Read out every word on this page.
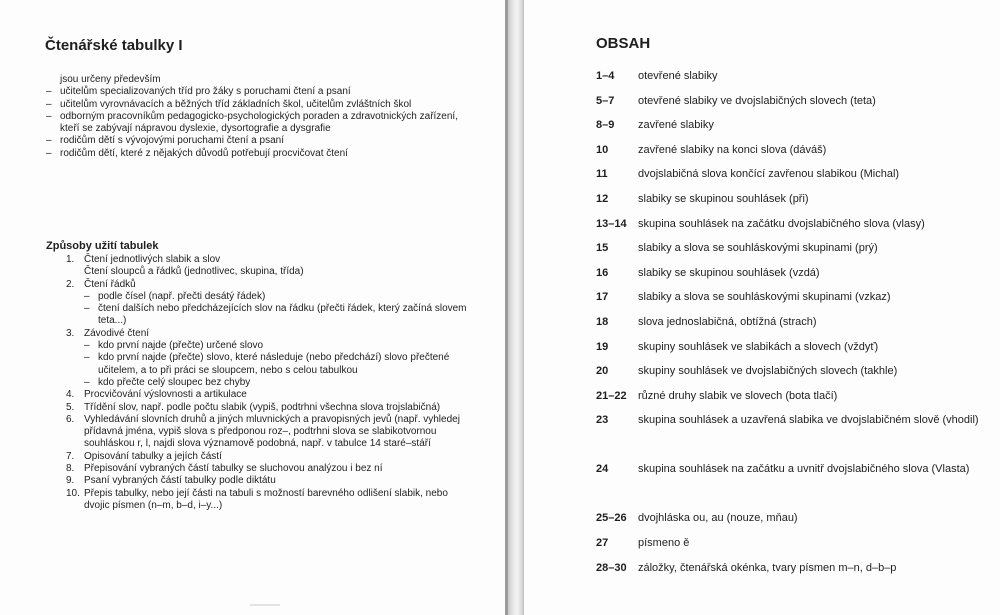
Čtenářské tabulky I
jsou určeny především
– učitelům specializovaných tříd pro žáky s poruchami čtení a psaní
– učitelům vyrovnávacích a běžných tříd základních škol, učitelům zvláštních škol
– odborným pracovníkům pedagogicko-psychologických poraden a zdravotnických zařízení, kteří se zabývají nápravou dyslexie, dysortografie a dysgrafie
– rodičům dětí s vývojovými poruchami čtení a psaní
– rodičům dětí, které z nějakých důvodů potřebují procvičovat čtení
Způsoby užití tabulek
1. Čtení jednotlivých slabik a slov
Čtení sloupců a řádků (jednotlivec, skupina, třída)
2. Čtení řádků
– podle čísel (např. přečti desátý řádek)
– čtení dalších nebo předcházejících slov na řádku (přečti řádek, který začíná slovem teta...)
3. Závodivé čtení
– kdo první najde (přečte) určené slovo
– kdo první najde (přečte) slovo, které následuje (nebo předchází) slovo přečtené učitelem, a to při práci se sloupcem, nebo s celou tabulkou
– kdo přečte celý sloupec bez chyby
4. Procvičování výslovnosti a artikulace
5. Třídění slov, např. podle počtu slabik (vypiš, podtrhni všechna slova trojslabičná)
6. Vyhledávání slovních druhů a jiných mluvnických a pravopisných jevů (např. vyhledej přídavná jména, vypiš slova s předponou roz–, podtrhni slova se slabikotvornou souhláskou r, l, najdi slova významově podobná, např. v tabulce 14 staré–stáří
7. Opisování tabulky a jejích částí
8. Přepisování vybraných částí tabulky se sluchovou analýzou i bez ní
9. Psaní vybraných částí tabulky podle diktátu
10. Přepis tabulky, nebo její části na tabuli s možností barevného odlišení slabik, nebo dvojic písmen (n–m, b–d, i–y...)
OBSAH
1–4 otevřené slabiky
5–7 otevřené slabiky ve dvojslabičných slovech (teta)
8–9 zavřené slabiky
10	zavřené slabiky na konci slova (dáváš)
11	dvojslabičná slova končící zavřenou slabikou (Michal)
12	slabiky se skupinou souhlásek (při)
13–14 skupina souhlásek na začátku dvojslabičného slova (vlasy)
15	slabiky a slova se souhláskovými skupinami (prý)
16	slabiky se skupinou souhlásek (vzdá)
17	slabiky a slova se souhláskovými skupinami (vzkaz)
18	slova jednoslabičná, obtížná (strach)
19	skupiny souhlásek ve slabikách a slovech (vždyť)
20	skupiny souhlásek ve dvojslabičných slovech (takhle)
21–22 různé druhy slabik ve slovech (bota tlačí)
23	skupina souhlásek a uzavřená slabika ve dvojslabičném slově (vhodil)
24	skupina souhlásek na začátku a uvnitř dvojslabičného slova (Vlasta)
25–26 dvojhláska ou, au (nouze, mňau)
27	písmeno ě
28–30 záložky, čtenářská okénka, tvary písmen m–n, d–b–p
